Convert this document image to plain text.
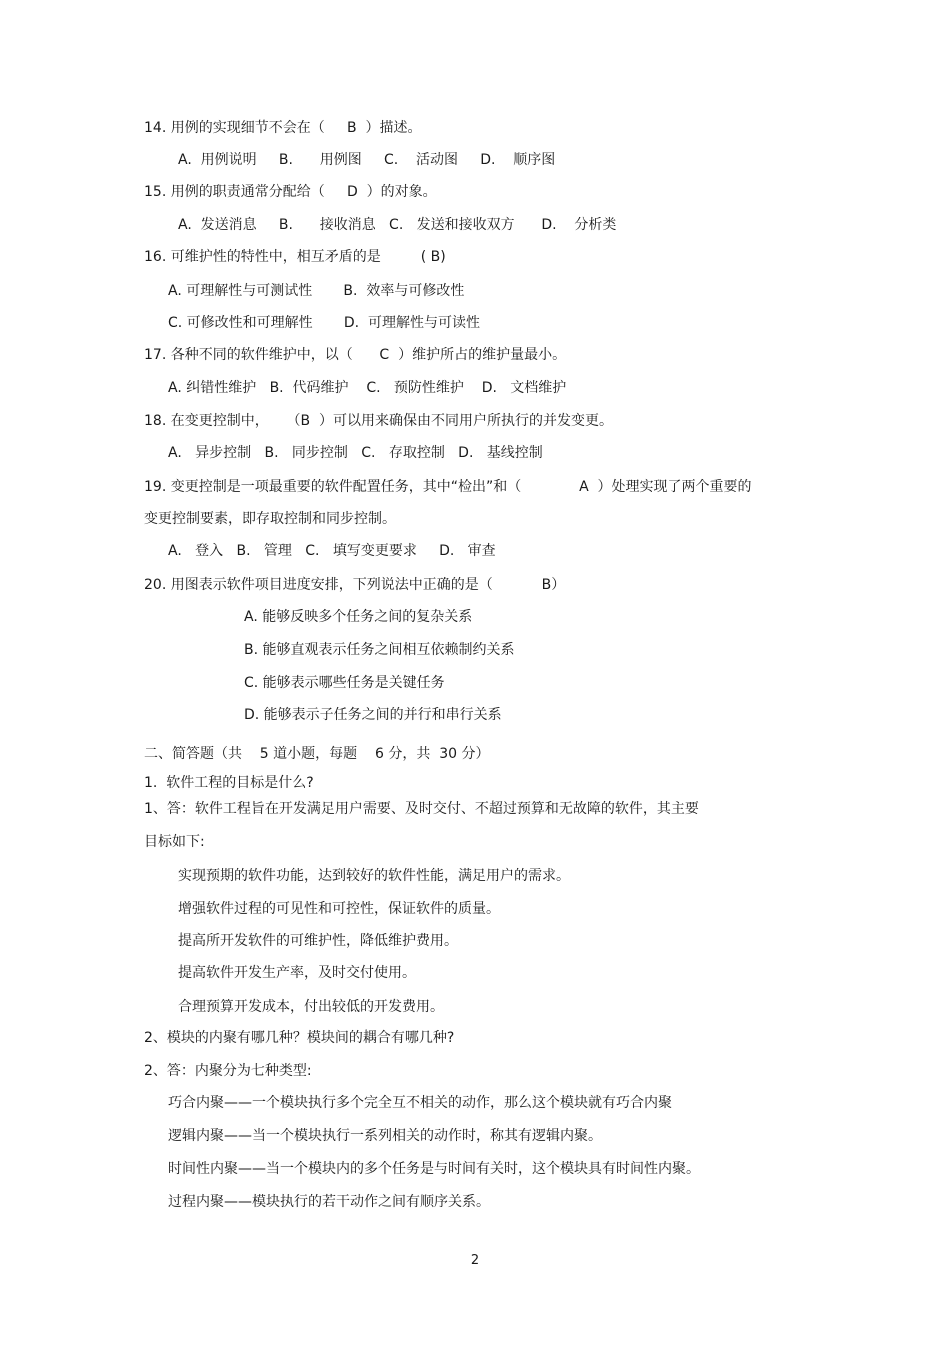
14. 用例的实现细节不会在（     B  ）描述。
A.  用例说明     B.      用例图     C.    活动图     D.    顺序图
15. 用例的职责通常分配给（     D  ）的对象。
A.  发送消息     B.      接收消息   C.   发送和接收双方      D.    分析类
16. 可维护性的特性中，相互矛盾的是         ( B)
A. 可理解性与可测试性       B.  效率与可修改性
C. 可修改性和可理解性       D.  可理解性与可读性
17. 各种不同的软件维护中，以（      C  ）维护所占的维护量最小。
A. 纠错性维护   B.  代码维护    C.   预防性维护    D.   文档维护
18. 在变更控制中，    （B  ）可以用来确保由不同用户所执行的并发变更。
A.   异步控制   B.   同步控制   C.   存取控制   D.   基线控制
19. 变更控制是一项最重要的软件配置任务，其中“检出”和（             A  ）处理实现了两个重要的
变更控制要素，即存取控制和同步控制。
A.   登入   B.   管理   C.   填写变更要求     D.   审查
20. 用图表示软件项目进度安排，下列说法中正确的是（           B）
A. 能够反映多个任务之间的复杂关系
B. 能够直观表示任务之间相互依赖制约关系
C. 能够表示哪些任务是关键任务
D. 能够表示子任务之间的并行和串行关系
二、简答题（共    5 道小题，每题    6 分，共  30 分）
1.  软件工程的目标是什么?
1、答：软件工程旨在开发满足用户需要、及时交付、不超过预算和无故障的软件，其主要
目标如下:
实现预期的软件功能，达到较好的软件性能，满足用户的需求。
增强软件过程的可见性和可控性，保证软件的质量。
提高所开发软件的可维护性，降低维护费用。
提高软件开发生产率，及时交付使用。
合理预算开发成本，付出较低的开发费用。
2、模块的内聚有哪几种？模块间的耦合有哪几种?
2、答：内聚分为七种类型:
巧合内聚——一个模块执行多个完全互不相关的动作，那么这个模块就有巧合内聚
逻辑内聚——当一个模块执行一系列相关的动作时，称其有逻辑内聚。
时间性内聚——当一个模块内的多个任务是与时间有关时，这个模块具有时间性内聚。
过程内聚——模块执行的若干动作之间有顺序关系。
2
